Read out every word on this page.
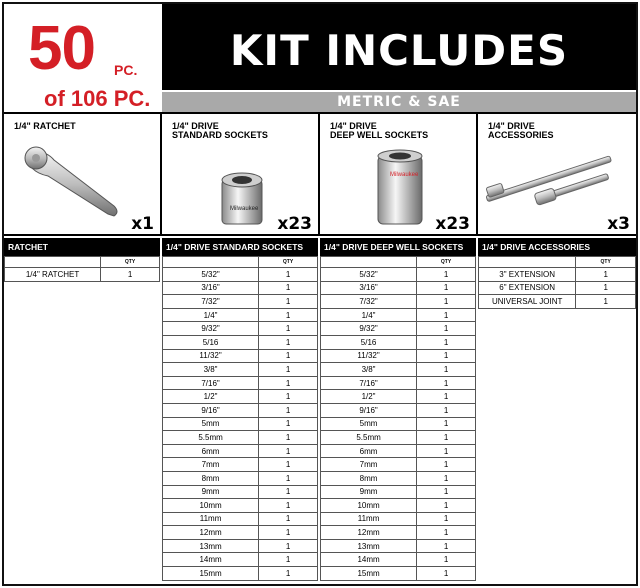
50 PC.
of 106 PC.
KIT INCLUDES
METRIC & SAE
1/4" RATCHET
x1
1/4" DRIVE
STANDARD SOCKETS
Milwaukee
x23
1/4" DRIVE
DEEP WELL SOCKETS
Milwaukee
x23
1/4" DRIVE
ACCESSORIES
x3
RATCHET
	QTY
1/4" RATCHET	1
1/4" DRIVE STANDARD SOCKETS
	QTY
5/32"	1
3/16"	1
7/32"	1
1/4"	1
9/32"	1
5/16	1
11/32"	1
3/8"	1
7/16"	1
1/2"	1
9/16"	1
5mm	1
5.5mm	1
6mm	1
7mm	1
8mm	1
9mm	1
10mm	1
11mm	1
12mm	1
13mm	1
14mm	1
15mm	1
1/4" DRIVE DEEP WELL SOCKETS
	QTY
5/32"	1
3/16"	1
7/32"	1
1/4"	1
9/32"	1
5/16	1
11/32"	1
3/8"	1
7/16"	1
1/2"	1
9/16"	1
5mm	1
5.5mm	1
6mm	1
7mm	1
8mm	1
9mm	1
10mm	1
11mm	1
12mm	1
13mm	1
14mm	1
15mm	1
1/4" DRIVE ACCESSORIES
	QTY
3" EXTENSION	1
6" EXTENSION	1
UNIVERSAL JOINT	1
